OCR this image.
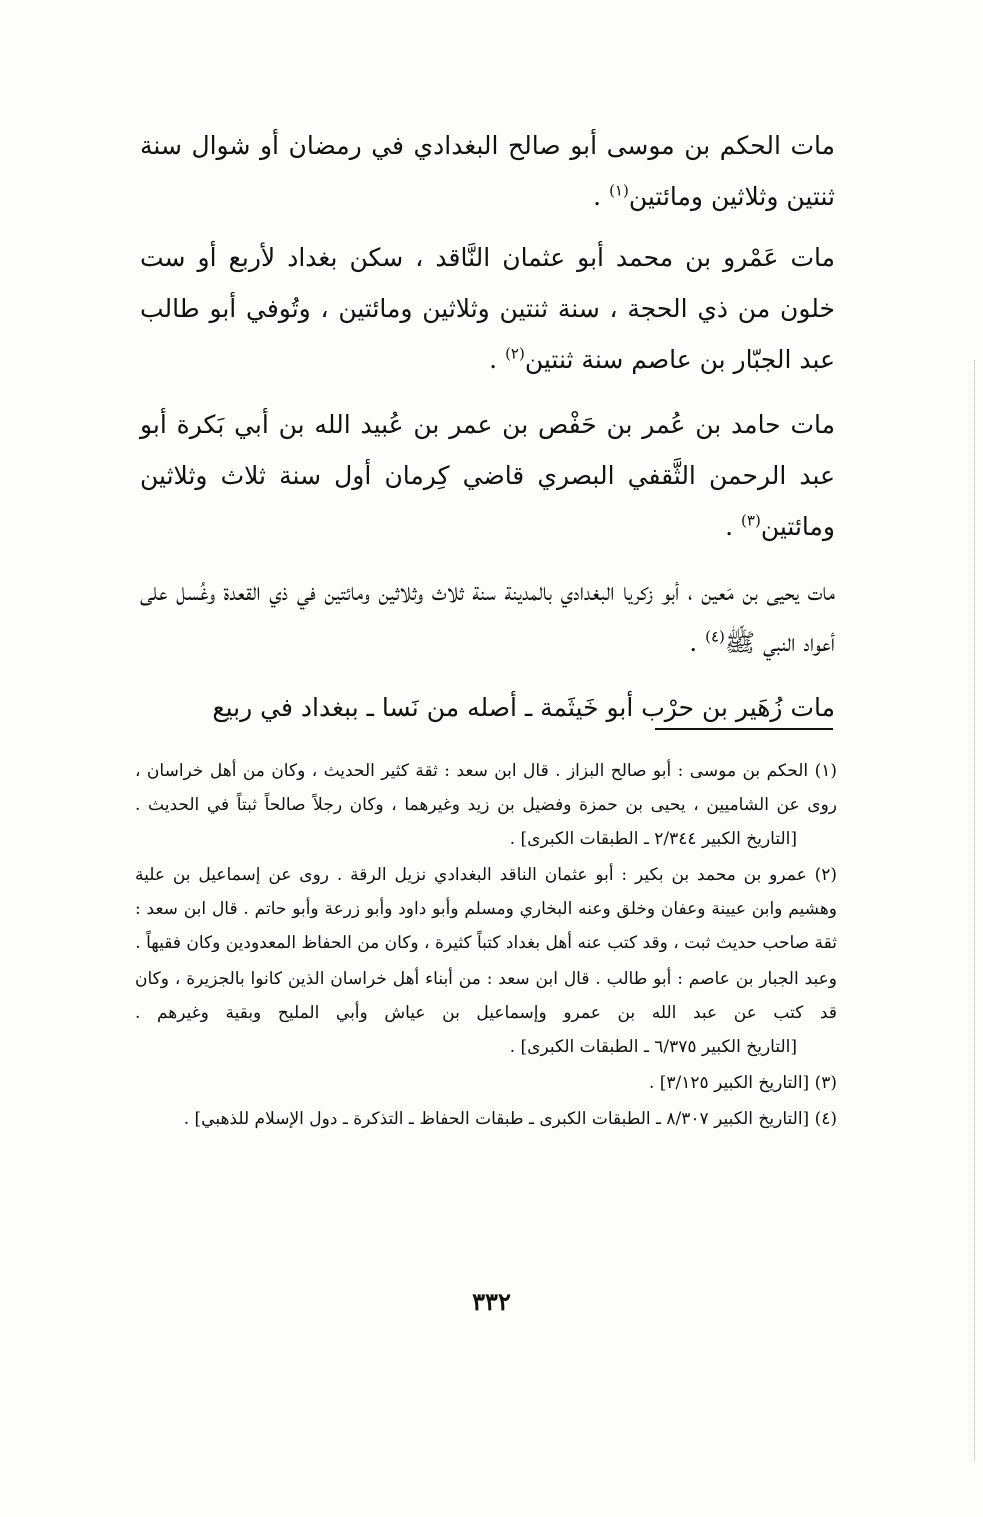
مات الحكم بن موسى أبو صالح البغدادي في رمضان أو شوال سنة ثنتين وثلاثين ومائتين$^{(١)}$ .

مات عَمْرو بن محمد أبو عثمان النَّاقد ، سكن بغداد لأربع أو ست خلون من ذي الحجة ، سنة ثنتين وثلاثين ومائتين ، وتُوفي أبو طالب عبد الجبّار بن عاصم سنة ثنتين$^{(٢)}$ .

مات حامد بن عُمر بن حَفْص بن عمر بن عُبيد الله بن أبي بَكرة أبو عبد الرحمن الثَّقفي البصري قاضي كِرمان أول سنة ثلاث وثلاثين ومائتين$^{(٣)}$ .

مات يحيى بن مَعين ، أبو زكريا البغدادي بالمدينة سنة ثلاث وثلاثين ومائتين في ذي القعدة وغُسل على أعواد النبي ﷺ$^{(٤)}$ .

مات زُهَير بن حرْب أبو خَيثَمة ـ أصله من نَسا ـ ببغداد في ربيع

(١) الحكم بن موسى : أبو صالح البزاز . قال ابن سعد : ثقة كثير الحديث ، وكان من أهل خراسان ، روى عن الشاميين ، يحيى بن حمزة وفضيل بن زيد وغيرهما ، وكان رجلاً صالحاً ثبتاً في الحديث .[التاريخ الكبير ٢/٣٤٤ ـ الطبقات الكبرى] .

(٢) عمرو بن محمد بن بكير : أبو عثمان الناقد البغدادي نزيل الرقة . روى عن إسماعيل بن علية وهشيم وابن عيينة وعفان وخلق وعنه البخاري ومسلم وأبو داود وأبو زرعة وأبو حاتم . قال ابن سعد : ثقة صاحب حديث ثبت ، وقد كتب عنه أهل بغداد كتباً كثيرة ، وكان من الحفاظ المعدودين وكان فقيهاً .

وعبد الجبار بن عاصم : أبو طالب . قال ابن سعد : من أبناء أهل خراسان الذين كانوا بالجزيرة ، وكان قد كتب عن عبد الله بن عمرو وإسماعيل بن عياش وأبي المليح وبقية وغيرهم .[التاريخ الكبير ٦/٣٧٥ ـ الطبقات الكبرى] .

(٣) [التاريخ الكبير ٣/١٢٥] .

(٤) [التاريخ الكبير ٨/٣٠٧ ـ الطبقات الكبرى ـ طبقات الحفاظ ـ التذكرة ـ دول الإسلام للذهبي] .

٣٣٢
